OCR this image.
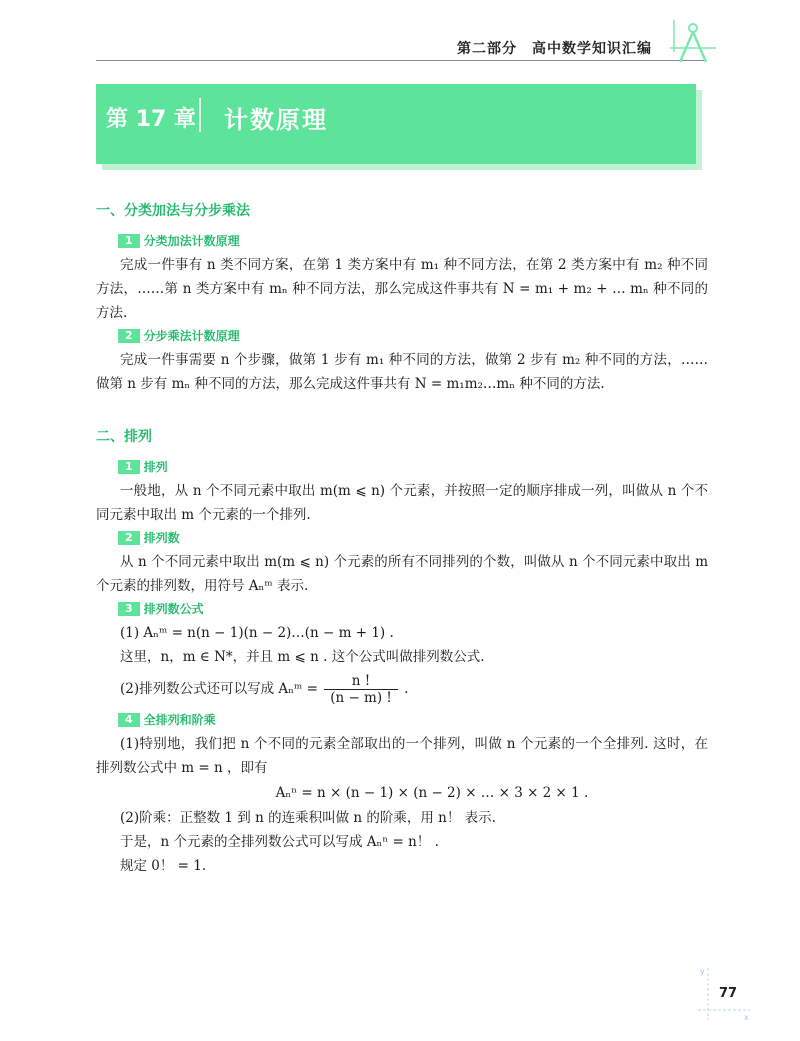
第二部分　高中数学知识汇编
第 17 章 计数原理
一、分类加法与分步乘法
1 分类加法计数原理

完成一件事有 n 类不同方案，在第 1 类方案中有 m₁ 种不同方法，在第 2 类方案中有 m₂ 种不同方法，……第 n 类方案中有 mₙ 种不同方法，那么完成这件事共有 N = m₁ + m₂ + … mₙ 种不同的方法.

2 分步乘法计数原理

完成一件事需要 n 个步骤，做第 1 步有 m₁ 种不同的方法，做第 2 步有 m₂ 种不同的方法，……做第 n 步有 mₙ 种不同的方法，那么完成这件事共有 N = m₁m₂…mₙ 种不同的方法.

二、排列
1 排列

一般地，从 n 个不同元素中取出 m(m ⩽ n) 个元素，并按照一定的顺序排成一列，叫做从 n 个不同元素中取出 m 个元素的一个排列.

2 排列数

从 n 个不同元素中取出 m(m ⩽ n) 个元素的所有不同排列的个数，叫做从 n 个不同元素中取出 m 个元素的排列数，用符号 Aₙᵐ 表示.

3 排列数公式

(1) Aₙᵐ = n(n − 1)(n − 2)…(n − m + 1) .

这里，n，m ∈ N*，并且 m ⩽ n . 这个公式叫做排列数公式.

(2)排列数公式还可以写成 Aₙᵐ = $\frac{n !}{(n - m) !}$ .

4 全排列和阶乘

(1)特别地，我们把 n 个不同的元素全部取出的一个排列，叫做 n 个元素的一个全排列. 这时，在排列数公式中 m = n ，即有

Aₙⁿ = n × (n − 1) × (n − 2) × … × 3 × 2 × 1 .

(2)阶乘：正整数 1 到 n 的连乘积叫做 n 的阶乘，用 n！ 表示.

于是，n 个元素的全排列数公式可以写成 Aₙⁿ = n！ .

规定 0！ = 1.

y
x
77
